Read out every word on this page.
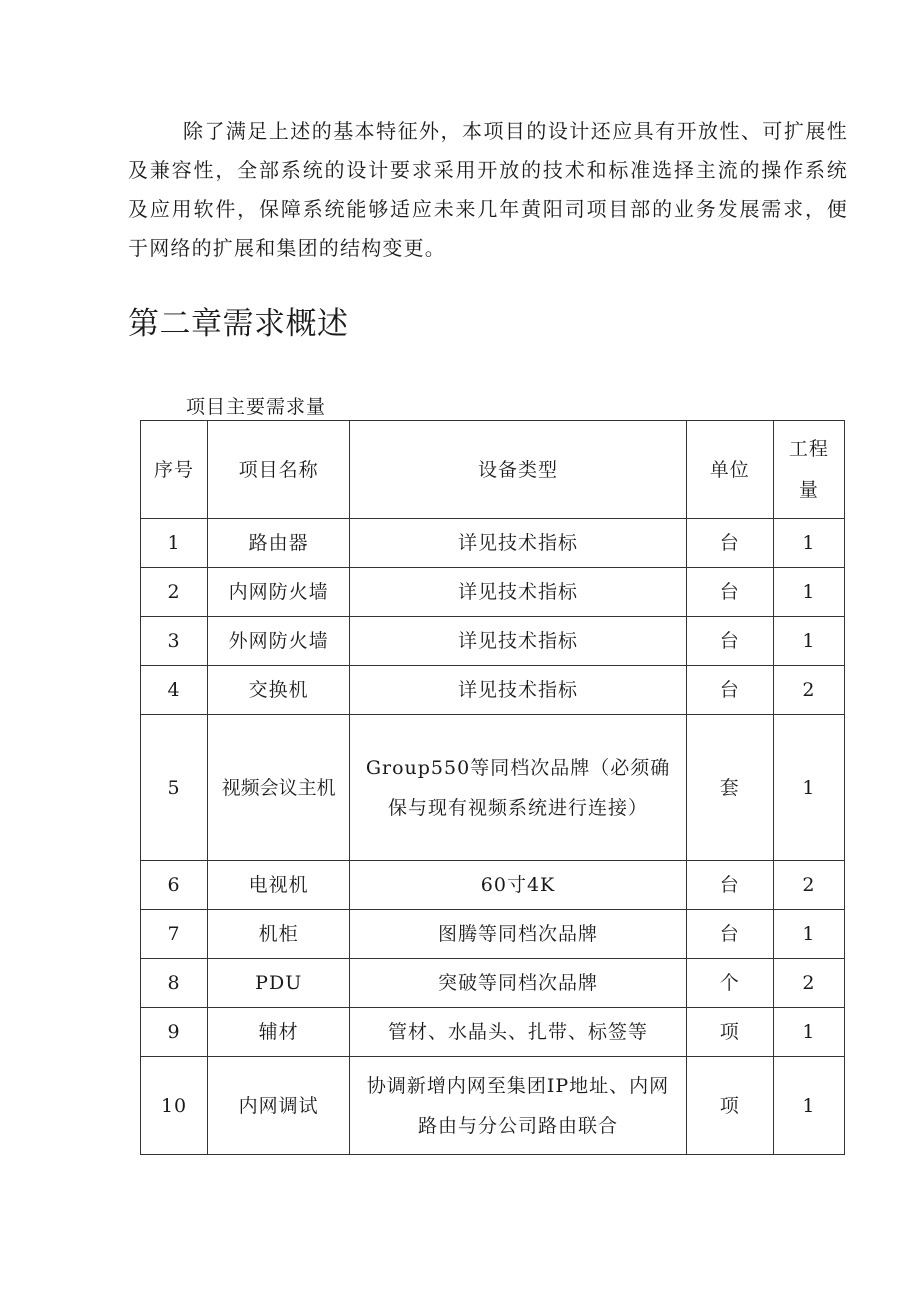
除了满足上述的基本特征外，本项目的设计还应具有开放性、可扩展性及兼容性，全部系统的设计要求采用开放的技术和标准选择主流的操作系统及应用软件，保障系统能够适应未来几年黄阳司项目部的业务发展需求，便于网络的扩展和集团的结构变更。

第二章需求概述
项目主要需求量
序号	项目名称	设备类型	单位	工程量
1	路由器	详见技术指标	台	1
2	内网防火墙	详见技术指标	台	1
3	外网防火墙	详见技术指标	台	1
4	交换机	详见技术指标	台	2
5	视频会议主机	Group550等同档次品牌（必须确保与现有视频系统进行连接）	套	1
6	电视机	60寸4K	台	2
7	机柜	图腾等同档次品牌	台	1
8	PDU	突破等同档次品牌	个	2
9	辅材	管材、水晶头、扎带、标签等	项	1
10	内网调试	协调新增内网至集团IP地址、内网路由与分公司路由联合	项	1
